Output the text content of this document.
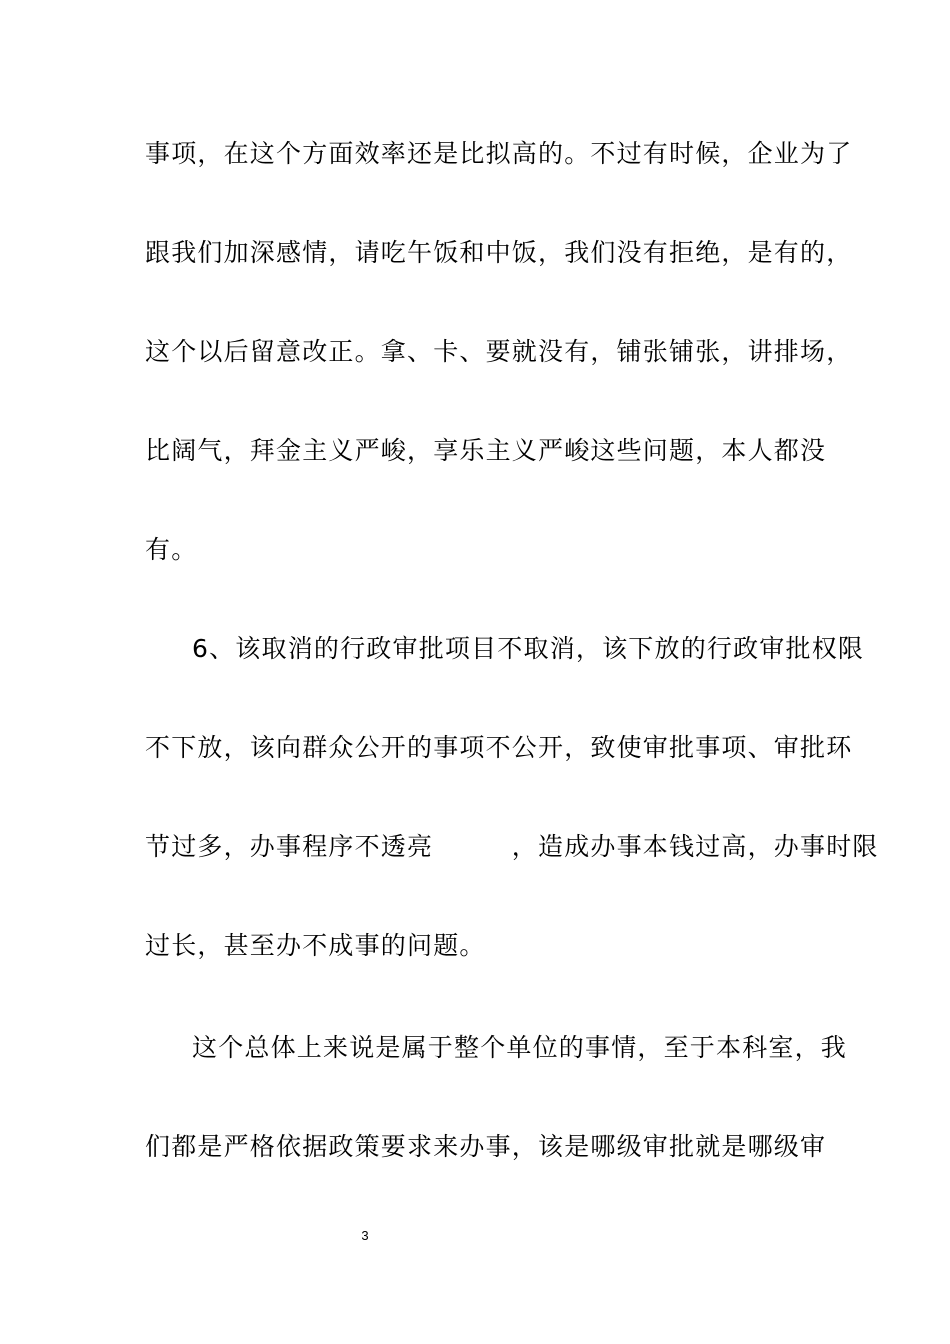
事项，在这个方面效率还是比拟高的。不过有时候，企业为了
跟我们加深感情，请吃午饭和中饭，我们没有拒绝，是有的，
这个以后留意改正。拿、卡、要就没有，铺张铺张，讲排场，
比阔气，拜金主义严峻，享乐主义严峻这些问题，本人都没
有。
6、该取消的行政审批项目不取消，该下放的行政审批权限
不下放，该向群众公开的事项不公开，致使审批事项、审批环
节过多，办事程序不透亮　　　，造成办事本钱过高，办事时限
过长，甚至办不成事的问题。
这个总体上来说是属于整个单位的事情，至于本科室，我
们都是严格依据政策要求来办事，该是哪级审批就是哪级审
3
